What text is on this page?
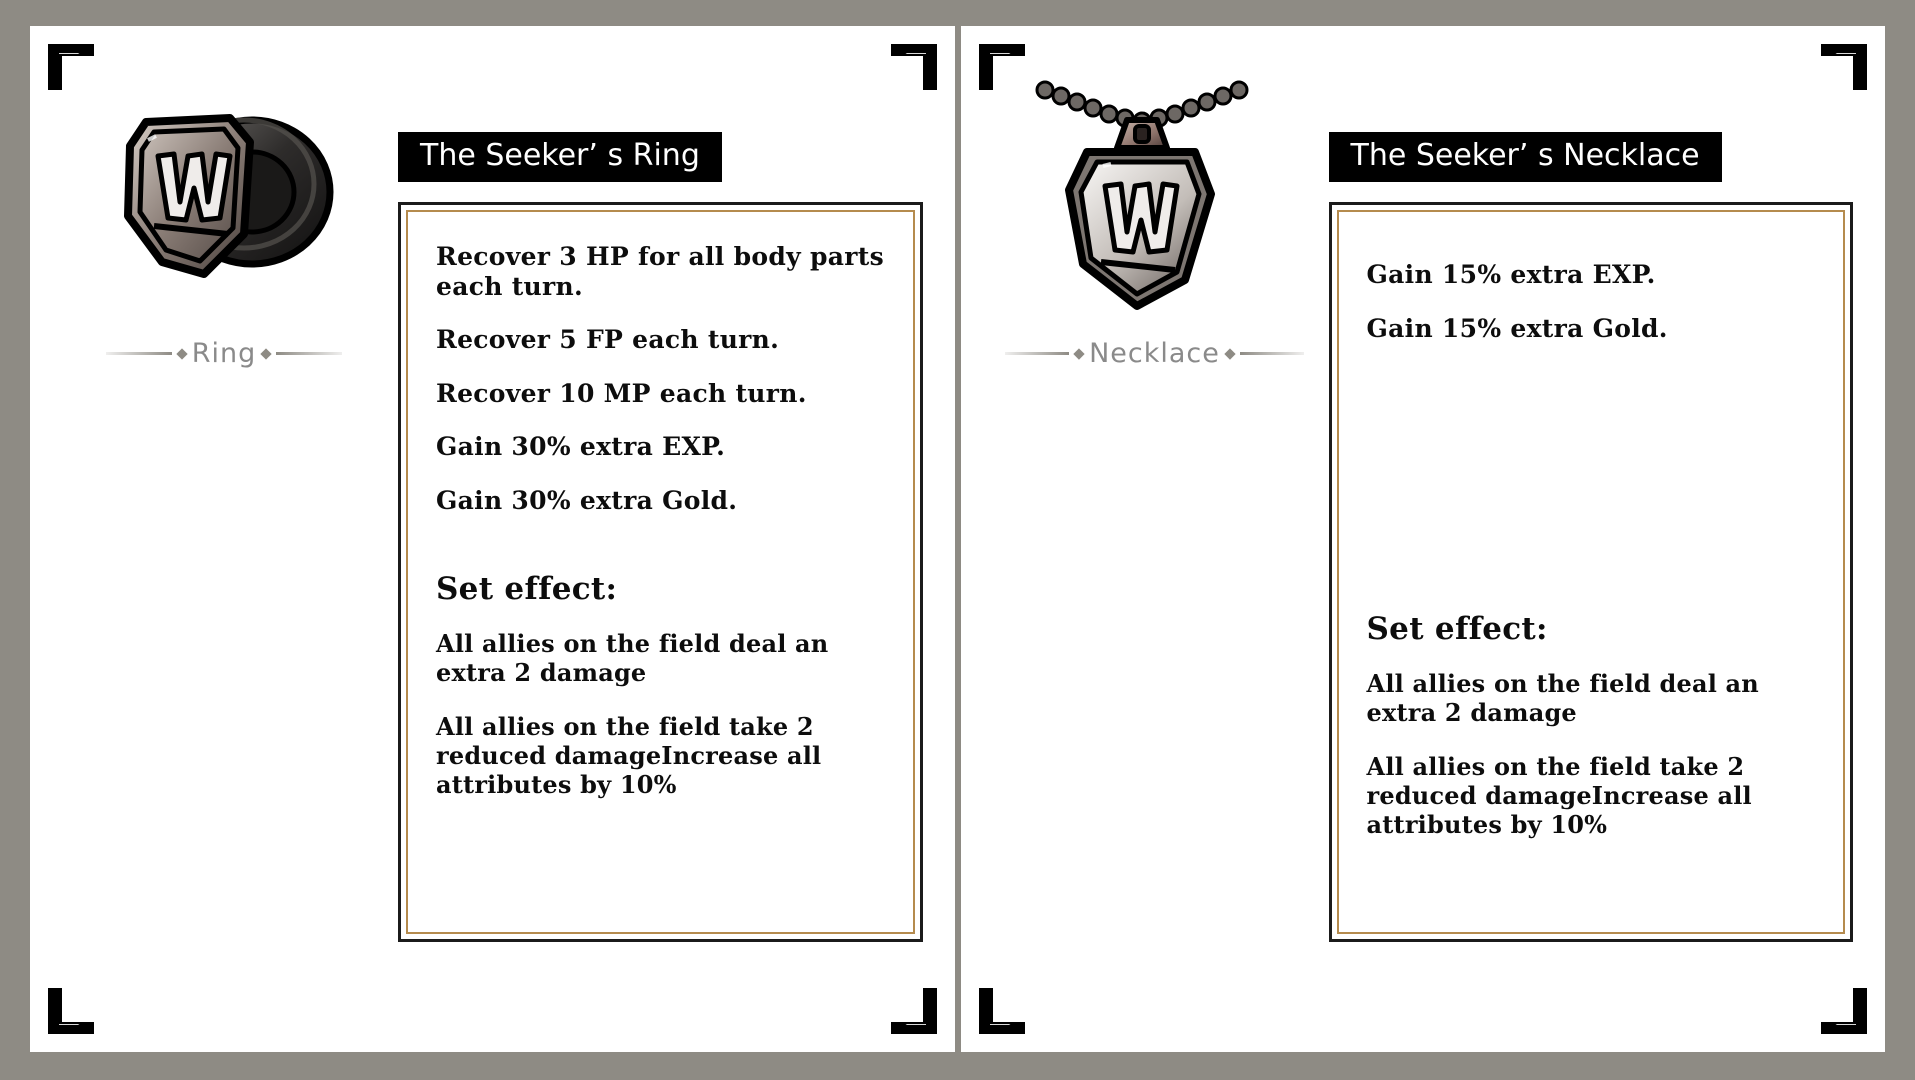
Ring
The Seeker’ s Ring
Recover 3 HP for all body parts each turn.
Recover 5 FP each turn.
Recover 10 MP each turn.
Gain 30% extra EXP.
Gain 30% extra Gold.
Set effect:
All allies on the field deal an extra 2 damage
All allies on the field take 2 reduced damageIncrease all attributes by 10%
Necklace
The Seeker’ s Necklace
Gain 15% extra EXP.
Gain 15% extra Gold.
Set effect:
All allies on the field deal an extra 2 damage
All allies on the field take 2 reduced damageIncrease all attributes by 10%
